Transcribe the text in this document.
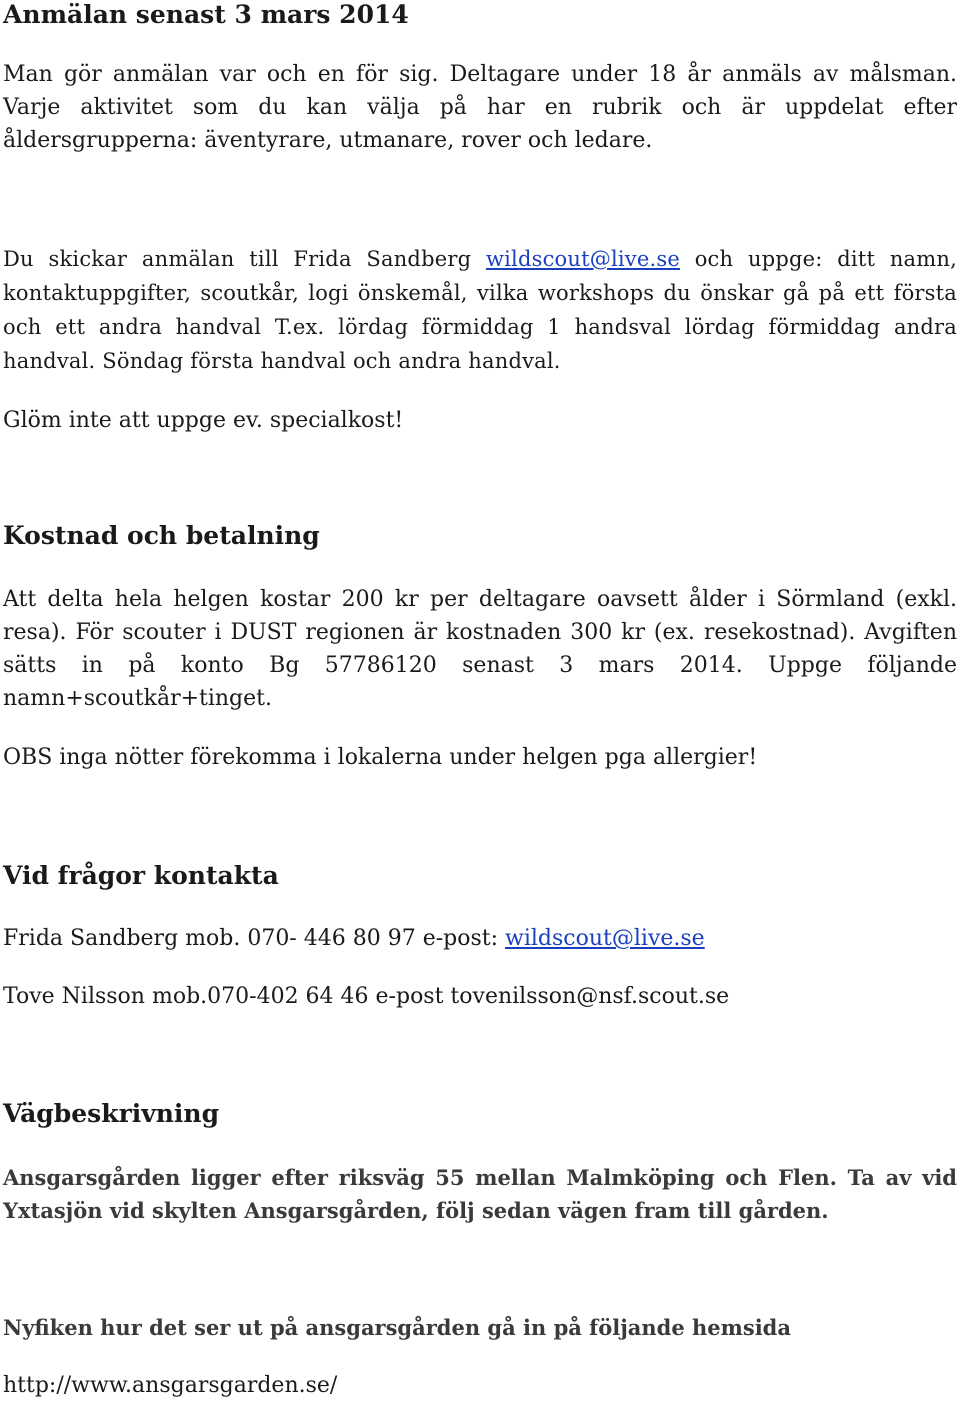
Anmälan senast 3 mars 2014

Man gör anmälan var och en för sig. Deltagare under 18 år anmäls av målsman. Varje aktivitet som du kan välja på har en rubrik och är uppdelat efter åldersgrupperna: äventyrare, utmanare, rover och ledare.

Du skickar anmälan till Frida Sandberg wildscout@live.se och uppge: ditt namn, kontaktuppgifter, scoutkår, logi önskemål, vilka workshops du önskar gå på ett första och ett andra handval T.ex. lördag förmiddag 1 handsval lördag förmiddag andra handval. Söndag första handval och andra handval.

Glöm inte att uppge ev. specialkost!

Kostnad och betalning

Att delta hela helgen kostar 200 kr per deltagare oavsett ålder i Sörmland (exkl. resa). För scouter i DUST regionen är kostnaden 300 kr (ex. resekostnad). Avgiften sätts in på konto Bg 57786120 senast 3 mars 2014. Uppge följande namn+scoutkår+tinget.

OBS inga nötter förekomma i lokalerna under helgen pga allergier!

Vid frågor kontakta

Frida Sandberg mob. 070- 446 80 97 e-post: wildscout@live.se

Tove Nilsson mob.070-402 64 46 e-post tovenilsson@nsf.scout.se

Vägbeskrivning

Ansgarsgården ligger efter riksväg 55 mellan Malmköping och Flen. Ta av vid Yxtasjön vid skylten Ansgarsgården, följ sedan vägen fram till gården.

Nyfiken hur det ser ut på ansgarsgården gå in på följande hemsida

http://www.ansgarsgarden.se/
